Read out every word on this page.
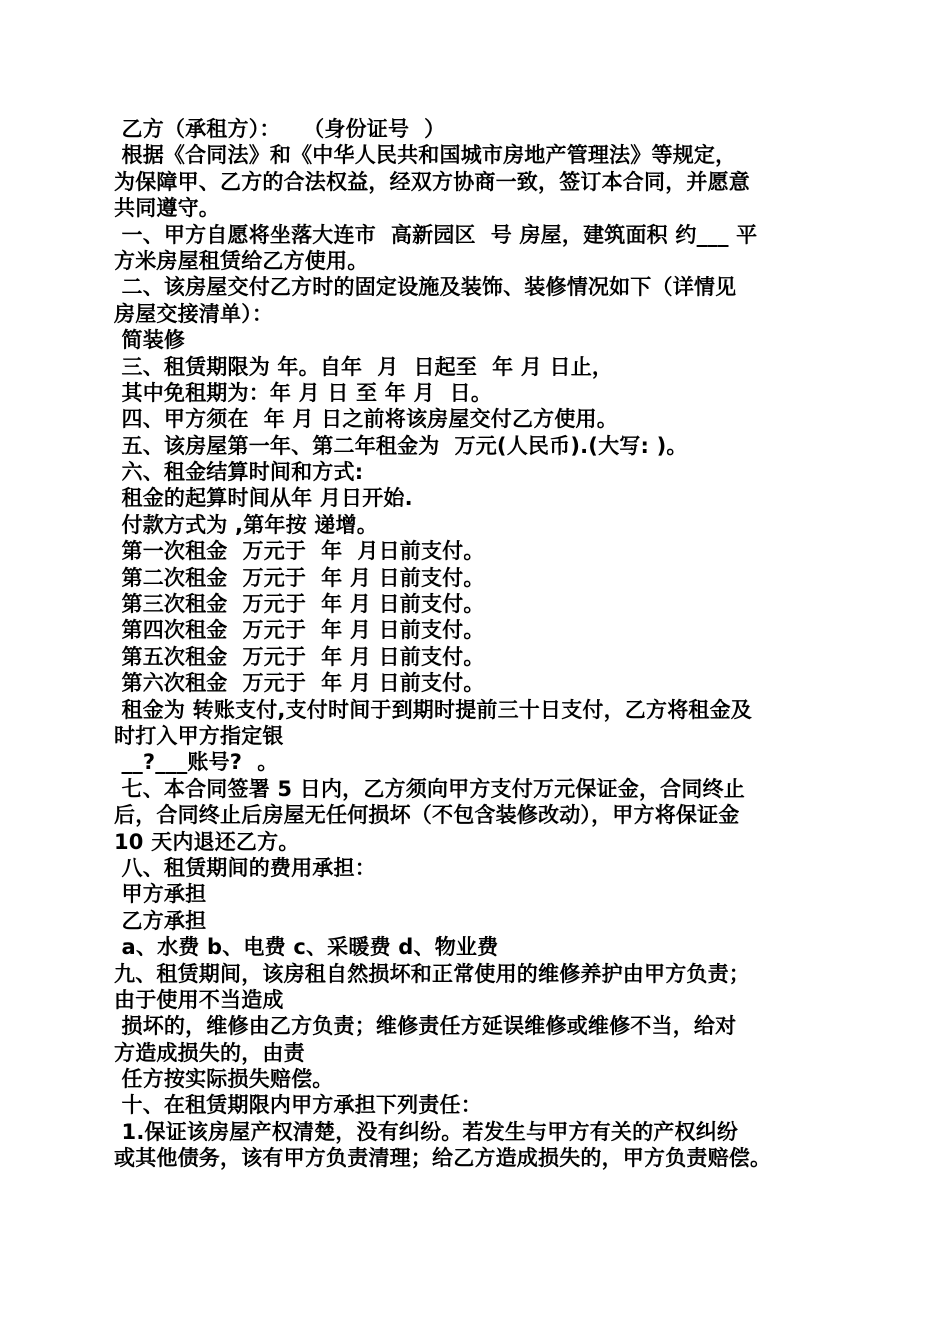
乙方（承租方）：   （身份证号  ）
根据《合同法》和《中华人民共和国城市房地产管理法》等规定，
为保障甲、乙方的合法权益，经双方协商一致，签订本合同，并愿意
共同遵守。
一、甲方自愿将坐落大连市  高新园区  号 房屋，建筑面积 约___ 平
方米房屋租赁给乙方使用。
二、该房屋交付乙方时的固定设施及装饰、装修情况如下（详情见
房屋交接清单）：
简装修
三、租赁期限为 年。自年  月  日起至  年 月 日止，
其中免租期为：年 月 日 至 年 月  日。
四、甲方须在  年 月 日之前将该房屋交付乙方使用。
五、该房屋第一年、第二年租金为  万元(人民币).(大写: )。
六、租金结算时间和方式:
租金的起算时间从年 月日开始.
付款方式为 ,第年按 递增。
第一次租金  万元于  年  月日前支付。
第二次租金  万元于  年 月 日前支付。
第三次租金  万元于  年 月 日前支付。
第四次租金  万元于  年 月 日前支付。
第五次租金  万元于  年 月 日前支付。
第六次租金  万元于  年 月 日前支付。
租金为 转账支付,支付时间于到期时提前三十日支付，乙方将租金及
时打入甲方指定银
__?___账号?  。
七、本合同签署 5 日内，乙方须向甲方支付万元保证金，合同终止
后，合同终止后房屋无任何损坏（不包含装修改动），甲方将保证金
10 天内退还乙方。
八、租赁期间的费用承担：
甲方承担
乙方承担
a、水费 b、电费 c、采暖费 d、物业费
九、租赁期间，该房租自然损坏和正常使用的维修养护由甲方负责；
由于使用不当造成
损坏的，维修由乙方负责；维修责任方延误维修或维修不当，给对
方造成损失的，由责
任方按实际损失赔偿。
十、在租赁期限内甲方承担下列责任：
1.保证该房屋产权清楚，没有纠纷。若发生与甲方有关的产权纠纷
或其他债务，该有甲方负责清理；给乙方造成损失的，甲方负责赔偿。
